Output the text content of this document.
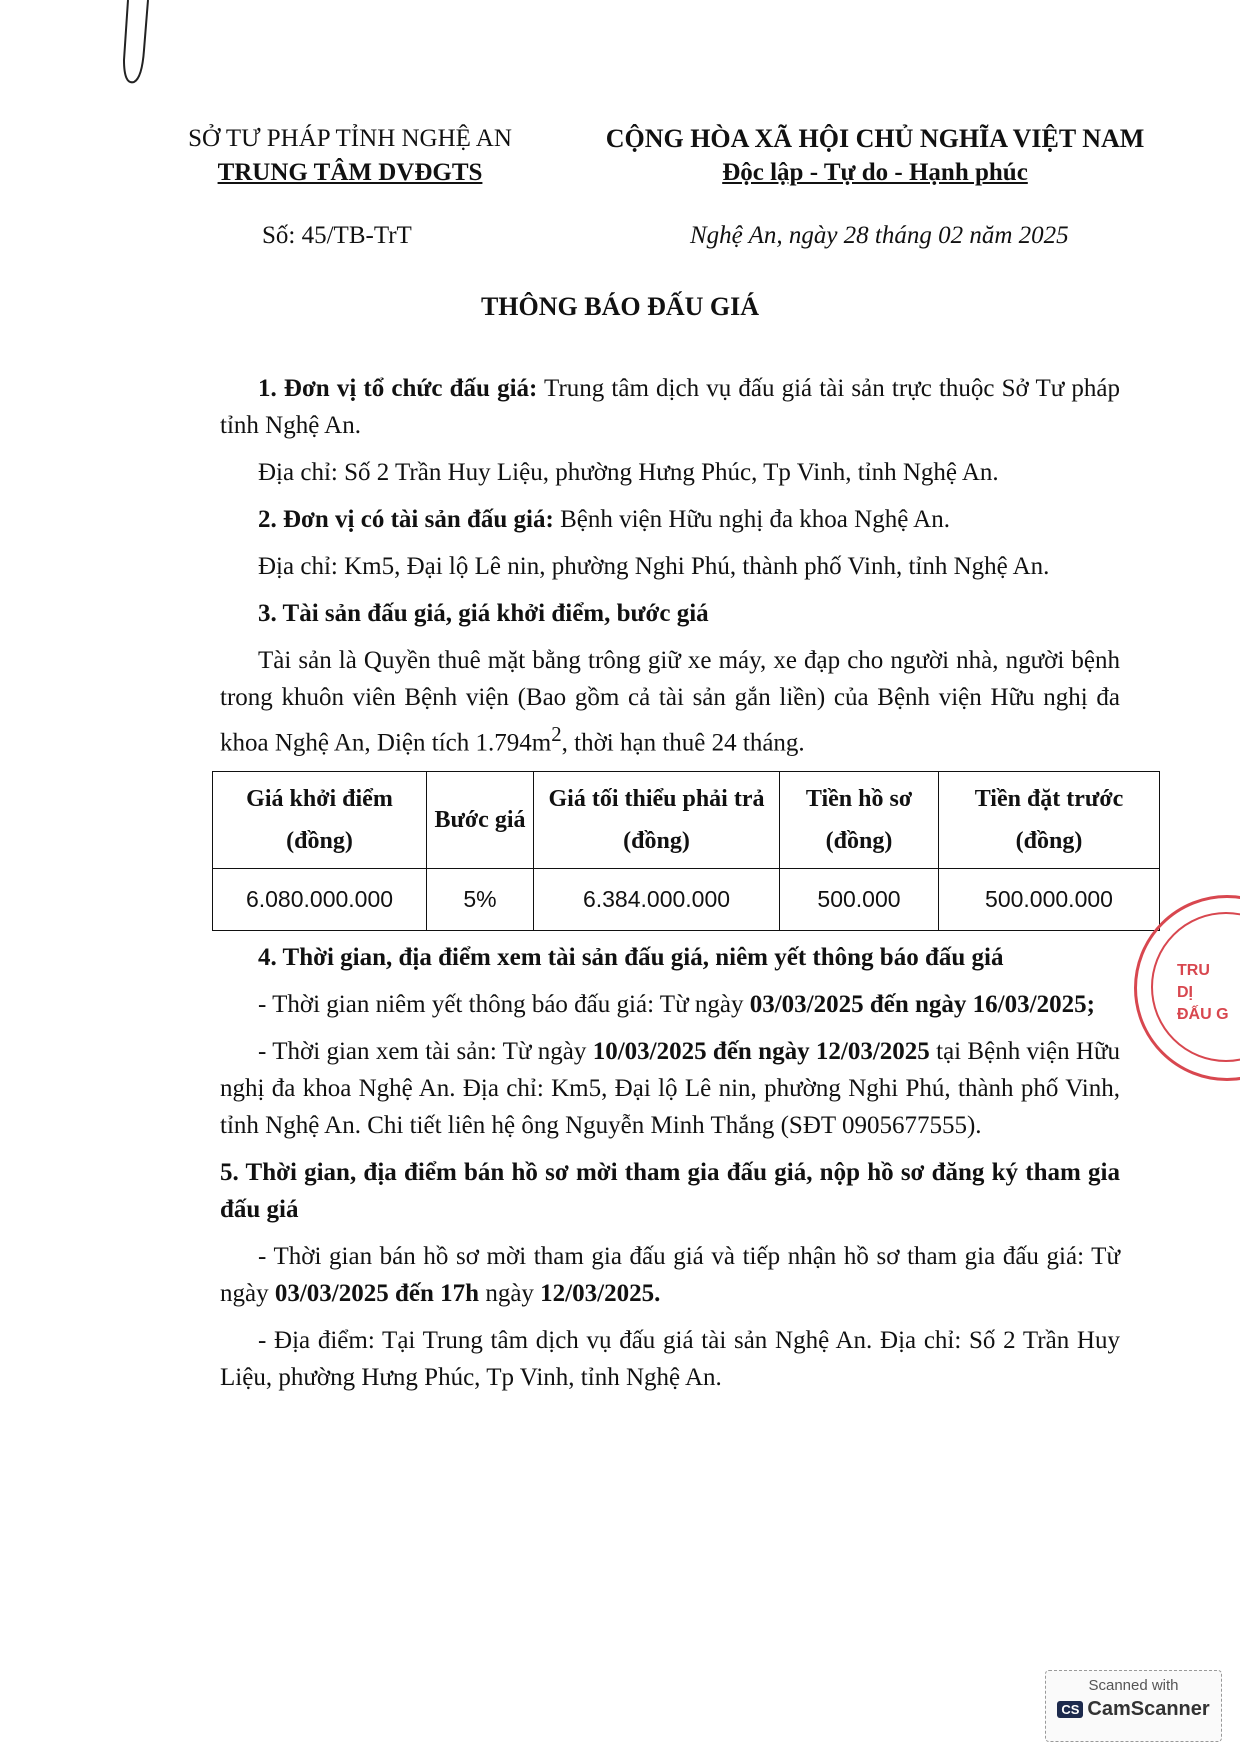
SỞ TƯ PHÁP TỈNH NGHỆ AN
TRUNG TÂM DVĐGTS
CỘNG HÒA XÃ HỘI CHỦ NGHĨA VIỆT NAM
Độc lập - Tự do - Hạnh phúc
Số: 45/TB-TrT	Nghệ An, ngày 28 tháng 02 năm 2025
THÔNG BÁO ĐẤU GIÁ

1. Đơn vị tổ chức đấu giá: Trung tâm dịch vụ đấu giá tài sản trực thuộc Sở Tư pháp tỉnh Nghệ An.

Địa chỉ: Số 2 Trần Huy Liệu, phường Hưng Phúc, Tp Vinh, tỉnh Nghệ An.

2. Đơn vị có tài sản đấu giá: Bệnh viện Hữu nghị đa khoa Nghệ An.

Địa chỉ: Km5, Đại lộ Lê nin, phường Nghi Phú, thành phố Vinh, tỉnh Nghệ An.

3. Tài sản đấu giá, giá khởi điểm, bước giá

Tài sản là Quyền thuê mặt bằng trông giữ xe máy, xe đạp cho người nhà, người bệnh trong khuôn viên Bệnh viện (Bao gồm cả tài sản gắn liền) của Bệnh viện Hữu nghị đa khoa Nghệ An, Diện tích $1.794m^2$, thời hạn thuê 24 tháng.

Giá khởi điểm (đồng)	Bước giá	Giá tối thiểu phải trả (đồng)	Tiền hồ sơ (đồng)	Tiền đặt trước (đồng)
6.080.000.000	5%	6.384.000.000	500.000	500.000.000

4. Thời gian, địa điểm xem tài sản đấu giá, niêm yết thông báo đấu giá

- Thời gian niêm yết thông báo đấu giá: Từ ngày 03/03/2025 đến ngày 16/03/2025;

- Thời gian xem tài sản: Từ ngày 10/03/2025 đến ngày 12/03/2025 tại Bệnh viện Hữu nghị đa khoa Nghệ An. Địa chỉ: Km5, Đại lộ Lê nin, phường Nghi Phú, thành phố Vinh, tỉnh Nghệ An. Chi tiết liên hệ ông Nguyễn Minh Thắng (SĐT 0905677555).

5. Thời gian, địa điểm bán hồ sơ mời tham gia đấu giá, nộp hồ sơ đăng ký tham gia đấu giá

- Thời gian bán hồ sơ mời tham gia đấu giá và tiếp nhận hồ sơ tham gia đấu giá: Từ ngày 03/03/2025 đến 17h ngày 12/03/2025.

- Địa điểm: Tại Trung tâm dịch vụ đấu giá tài sản Nghệ An. Địa chỉ: Số 2 Trần Huy Liệu, phường Hưng Phúc, Tp Vinh, tỉnh Nghệ An.

TRU
DỊ
ĐẤU G
Scanned with
CS CamScanner
